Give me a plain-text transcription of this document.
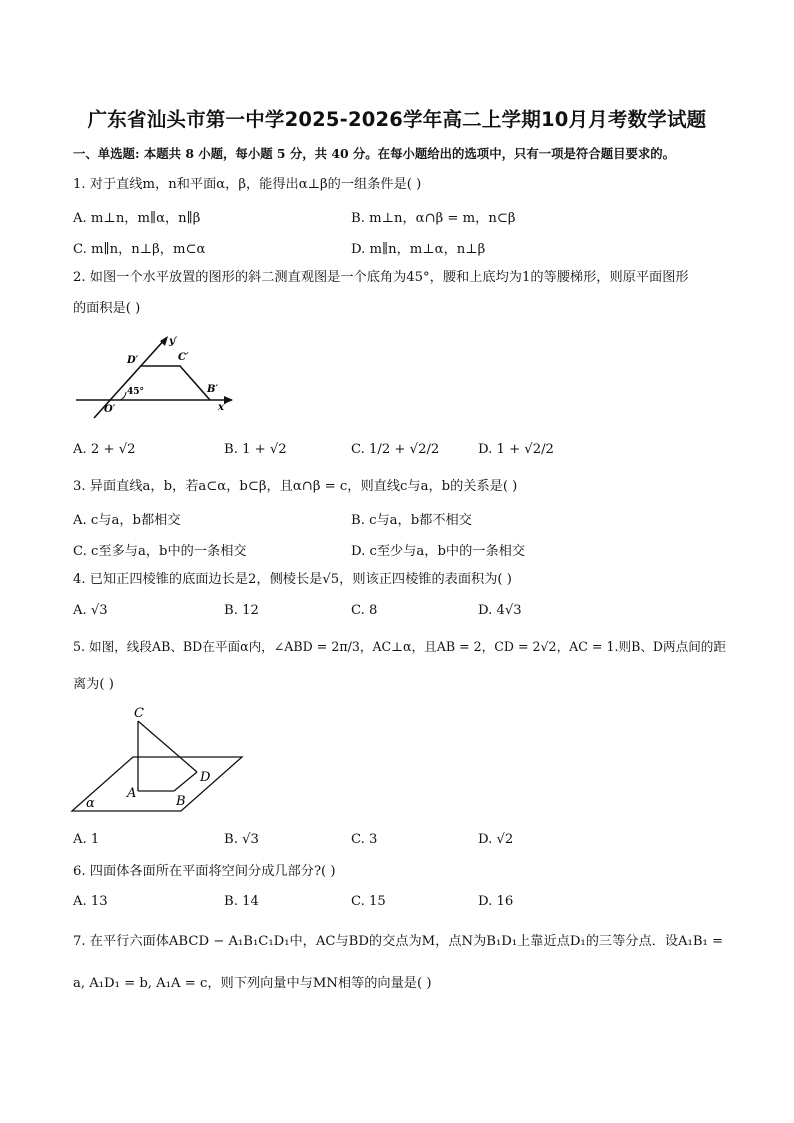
广东省汕头市第一中学2025-2026学年高二上学期10月月考数学试题
一、单选题: 本题共 8 小题，每小题 5 分，共 40 分。在每小题给出的选项中，只有一项是符合题目要求的。
1. 对于直线m，n和平面α，β，能得出α⊥β的一组条件是( )
A. m⊥n，m∥α，n∥β	B. m⊥n，α∩β = m，n⊂β
C. m∥n，n⊥β，m⊂α	D. m∥n，m⊥α，n⊥β
2. 如图一个水平放置的图形的斜二测直观图是一个底角为45°，腰和上底均为1的等腰梯形，则原平面图形
的面积是( )
D′	C′
y′
45°	B′
O′	x′
A. 2 + √2	B. 1 + √2	C. 1/2 + √2/2	D. 1 + √2/2
3. 异面直线a，b，若a⊂α，b⊂β，且α∩β = c，则直线c与a，b的关系是( )
A. c与a，b都相交	B. c与a，b都不相交
C. c至多与a，b中的一条相交	D. c至少与a，b中的一条相交
4. 已知正四棱锥的底面边长是2，侧棱长是√5，则该正四棱锥的表面积为( )
A. √3	B. 12	C. 8	D. 4√3
5. 如图，线段AB、BD在平面α内，∠ABD = 2π/3，AC⊥α，且AB = 2，CD = 2√2，AC = 1.则B、D两点间的距
离为( )
C
D
A
B
α
A. 1	B. √3	C. 3	D. √2
6. 四面体各面所在平面将空间分成几部分?( )
A. 13	B. 14	C. 15	D. 16
7. 在平行六面体ABCD − A₁B₁C₁D₁中，AC与BD的交点为M，点N为B₁D₁上靠近点D₁的三等分点．设A₁B₁ =
a, A₁D₁ = b, A₁A = c，则下列向量中与MN相等的向量是( )
